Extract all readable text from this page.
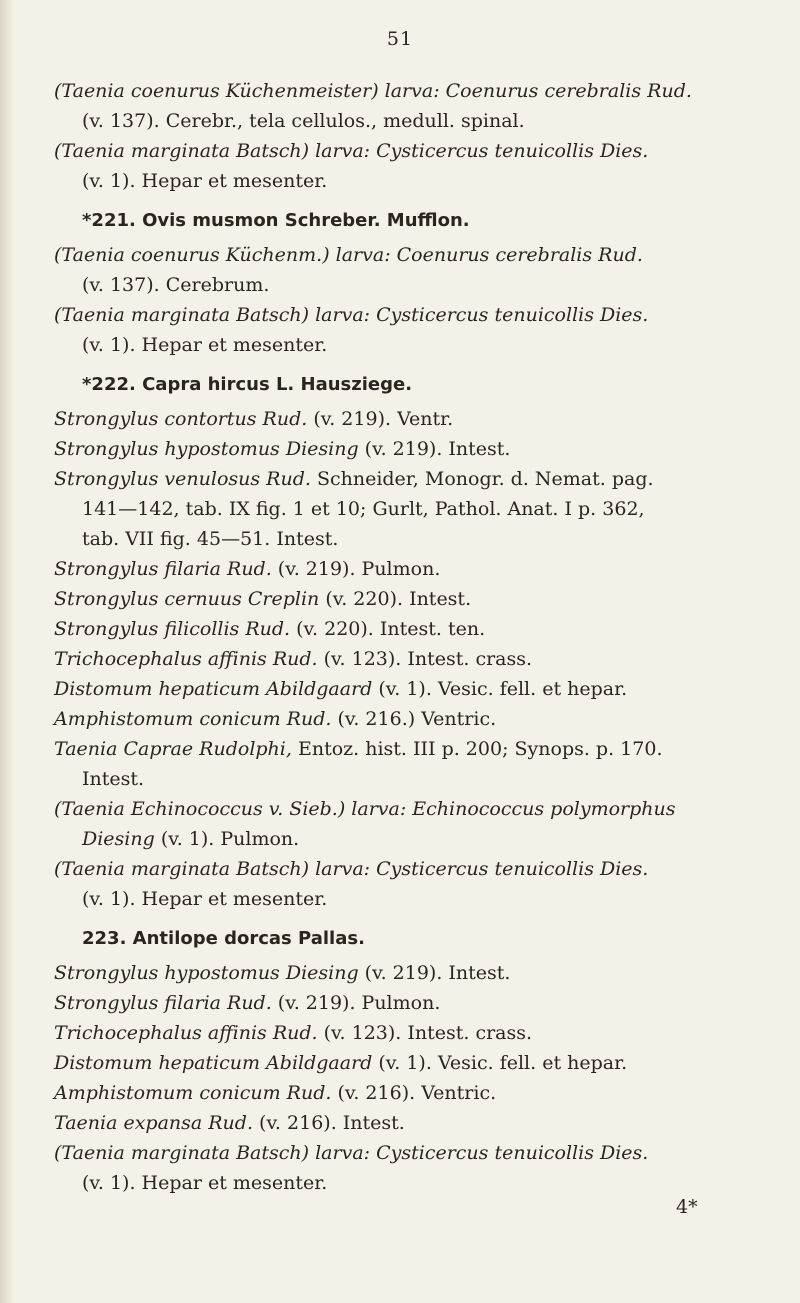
51
(Taenia coenurus Küchenmeister) larva: Coenurus cerebralis Rud.
(v. 137). Cerebr., tela cellulos., medull. spinal.
(Taenia marginata Batsch) larva: Cysticercus tenuicollis Dies.
(v. 1). Hepar et mesenter.
*221. Ovis musmon Schreber. Mufflon.
(Taenia coenurus Küchenm.) larva: Coenurus cerebralis Rud.
(v. 137). Cerebrum.
(Taenia marginata Batsch) larva: Cysticercus tenuicollis Dies.
(v. 1). Hepar et mesenter.
*222. Capra hircus L. Hausziege.
Strongylus contortus Rud. (v. 219). Ventr.
Strongylus hypostomus Diesing (v. 219). Intest.
Strongylus venulosus Rud. Schneider, Monogr. d. Nemat. pag.
141—142, tab. IX fig. 1 et 10; Gurlt, Pathol. Anat. I p. 362,
tab. VII fig. 45—51. Intest.
Strongylus filaria Rud. (v. 219). Pulmon.
Strongylus cernuus Creplin (v. 220). Intest.
Strongylus filicollis Rud. (v. 220). Intest. ten.
Trichocephalus affinis Rud. (v. 123). Intest. crass.
Distomum hepaticum Abildgaard (v. 1). Vesic. fell. et hepar.
Amphistomum conicum Rud. (v. 216.) Ventric.
Taenia Caprae Rudolphi, Entoz. hist. III p. 200; Synops. p. 170.
Intest.
(Taenia Echinococcus v. Sieb.) larva: Echinococcus polymorphus
Diesing (v. 1). Pulmon.
(Taenia marginata Batsch) larva: Cysticercus tenuicollis Dies.
(v. 1). Hepar et mesenter.
223. Antilope dorcas Pallas.
Strongylus hypostomus Diesing (v. 219). Intest.
Strongylus filaria Rud. (v. 219). Pulmon.
Trichocephalus affinis Rud. (v. 123). Intest. crass.
Distomum hepaticum Abildgaard (v. 1). Vesic. fell. et hepar.
Amphistomum conicum Rud. (v. 216). Ventric.
Taenia expansa Rud. (v. 216). Intest.
(Taenia marginata Batsch) larva: Cysticercus tenuicollis Dies.
(v. 1). Hepar et mesenter.
4*
